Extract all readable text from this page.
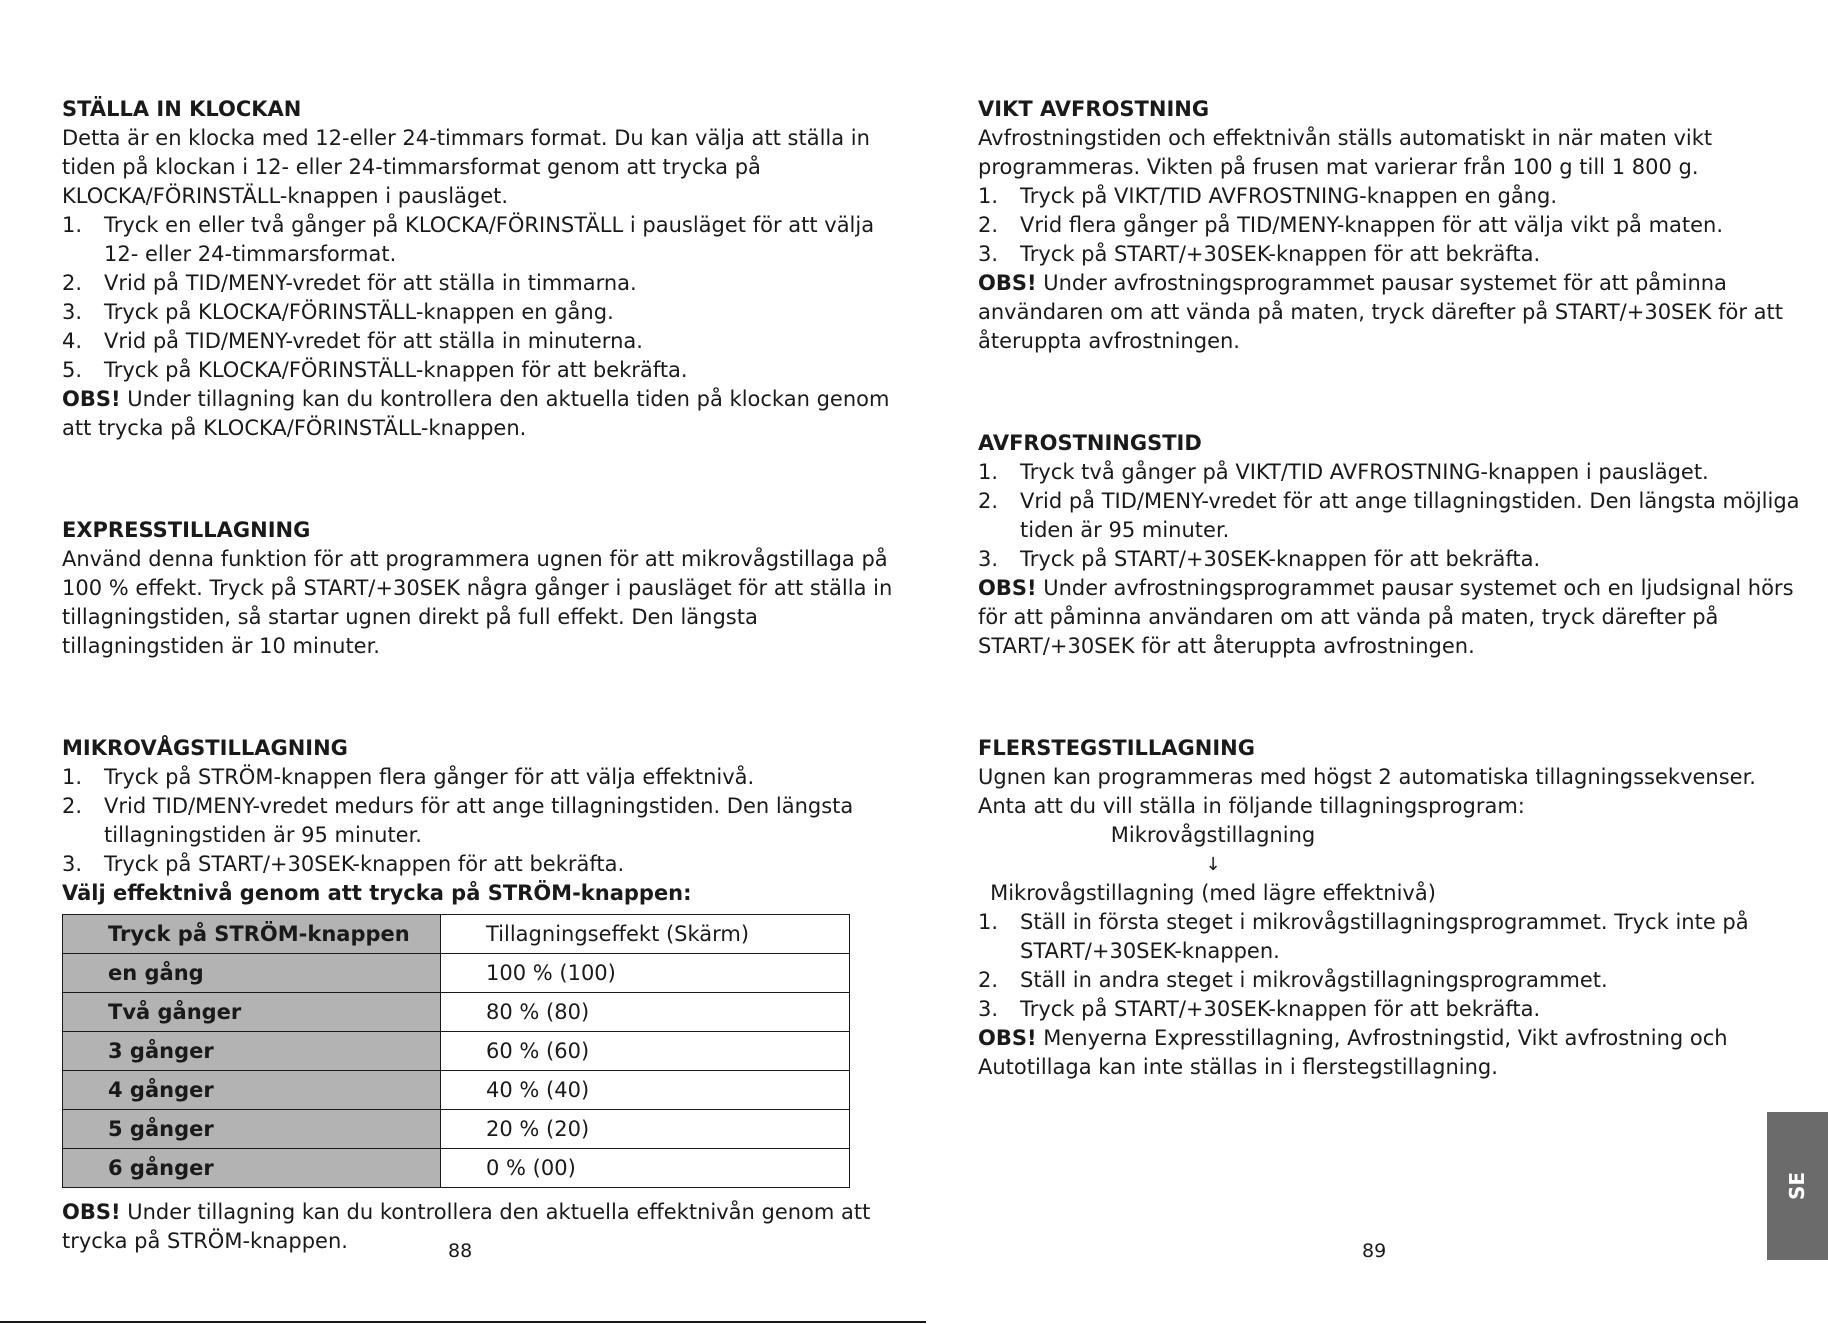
STÄLLA IN KLOCKAN
Detta är en klocka med 12-eller 24-timmars format. Du kan välja att ställa in
tiden på klockan i 12- eller 24-timmarsformat genom att trycka på
KLOCKA/FÖRINSTÄLL-knappen i pausläget.
1.	Tryck en eller två gånger på KLOCKA/FÖRINSTÄLL i pausläget för att välja
12- eller 24-timmarsformat.
2.	Vrid på TID/MENY-vredet för att ställa in timmarna.
3.	Tryck på KLOCKA/FÖRINSTÄLL-knappen en gång.
4.	Vrid på TID/MENY-vredet för att ställa in minuterna.
5.	Tryck på KLOCKA/FÖRINSTÄLL-knappen för att bekräfta.
OBS! Under tillagning kan du kontrollera den aktuella tiden på klockan genom
att trycka på KLOCKA/FÖRINSTÄLL-knappen.
EXPRESSTILLAGNING
Använd denna funktion för att programmera ugnen för att mikrovågstillaga på
100 % effekt. Tryck på START/+30SEK några gånger i pausläget för att ställa in
tillagningstiden, så startar ugnen direkt på full effekt. Den längsta
tillagningstiden är 10 minuter.
MIKROVÅGSTILLAGNING
1.	Tryck på STRÖM-knappen flera gånger för att välja effektnivå.
2.	Vrid TID/MENY-vredet medurs för att ange tillagningstiden. Den längsta
tillagningstiden är 95 minuter.
3.	Tryck på START/+30SEK-knappen för att bekräfta.
Välj effektnivå genom att trycka på STRÖM-knappen:
Tryck på STRÖM-knappen	Tillagningseffekt (Skärm)
en gång	100 % (100)
Två gånger	80 % (80)
3 gånger	60 % (60)
4 gånger	40 % (40)
5 gånger	20 % (20)
6 gånger	0 % (00)
OBS! Under tillagning kan du kontrollera den aktuella effektnivån genom att
trycka på STRÖM-knappen.	88
VIKT AVFROSTNING
Avfrostningstiden och effektnivån ställs automatiskt in när maten vikt
programmeras. Vikten på frusen mat varierar från 100 g till 1 800 g.
1.	Tryck på VIKT/TID AVFROSTNING-knappen en gång.
2.	Vrid flera gånger på TID/MENY-knappen för att välja vikt på maten.
3.	Tryck på START/+30SEK-knappen för att bekräfta.
OBS! Under avfrostningsprogrammet pausar systemet för att påminna
användaren om att vända på maten, tryck därefter på START/+30SEK för att
återuppta avfrostningen.
AVFROSTNINGSTID
1.	Tryck två gånger på VIKT/TID AVFROSTNING-knappen i pausläget.
2.	Vrid på TID/MENY-vredet för att ange tillagningstiden. Den längsta möjliga
tiden är 95 minuter.
3.	Tryck på START/+30SEK-knappen för att bekräfta.
OBS! Under avfrostningsprogrammet pausar systemet och en ljudsignal hörs
för att påminna användaren om att vända på maten, tryck därefter på
START/+30SEK för att återuppta avfrostningen.
FLERSTEGSTILLAGNING
Ugnen kan programmeras med högst 2 automatiska tillagningssekvenser.
Anta att du vill ställa in följande tillagningsprogram:
Mikrovågstillagning
↓
Mikrovågstillagning (med lägre effektnivå)
1.	Ställ in första steget i mikrovågstillagningsprogrammet. Tryck inte på
START/+30SEK-knappen.
2.	Ställ in andra steget i mikrovågstillagningsprogrammet.
3.	Tryck på START/+30SEK-knappen för att bekräfta.
OBS! Menyerna Expresstillagning, Avfrostningstid, Vikt avfrostning och
Autotillaga kan inte ställas in i flerstegstillagning.
89
SE
